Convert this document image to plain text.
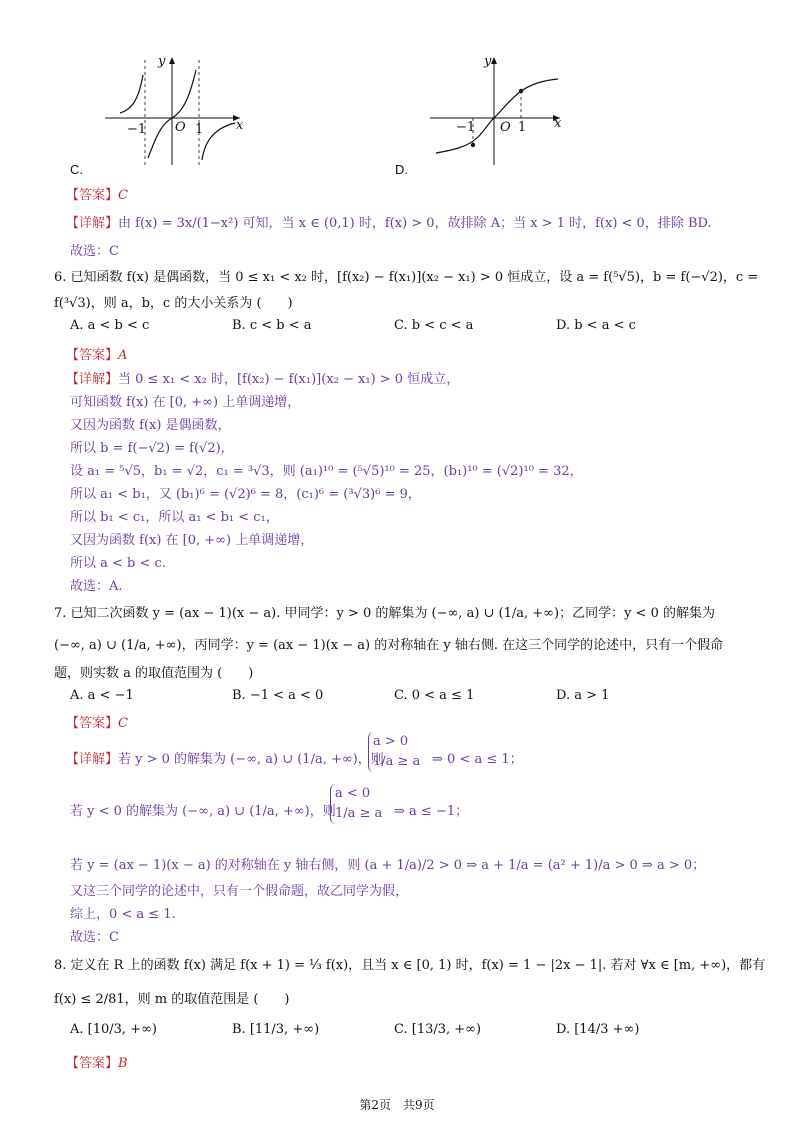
y
x
O
−1	1
C.
y
x
O
−1	1
D.
【答案】C
【详解】由 f(x) = 3x/(1−x²) 可知，当 x ∈ (0,1) 时，f(x) > 0，故排除 A；当 x > 1 时，f(x) < 0，排除 BD.
故选：C
6. 已知函数 f(x) 是偶函数，当 0 ≤ x₁ < x₂ 时，[f(x₂) − f(x₁)](x₂ − x₁) > 0 恒成立，设 a = f(⁵√5)，b = f(−√2)，c =
f(³√3)，则 a，b，c 的大小关系为 (　　)
A. a < b < c	B. c < b < a	C. b < c < a	D. b < a < c
【答案】A
【详解】当 0 ≤ x₁ < x₂ 时，[f(x₂) − f(x₁)](x₂ − x₁) > 0 恒成立，
可知函数 f(x) 在 [0, +∞) 上单调递增，
又因为函数 f(x) 是偶函数，
所以 b = f(−√2) = f(√2)，
设 a₁ = ⁵√5，b₁ = √2，c₁ = ³√3，则 (a₁)¹⁰ = (⁵√5)¹⁰ = 25，(b₁)¹⁰ = (√2)¹⁰ = 32，
所以 a₁ < b₁，又 (b₁)⁶ = (√2)⁶ = 8，(c₁)⁶ = (³√3)⁶ = 9，
所以 b₁ < c₁，所以 a₁ < b₁ < c₁，
又因为函数 f(x) 在 [0, +∞) 上单调递增，
所以 a < b < c.
故选：A.
7. 已知二次函数 y = (ax − 1)(x − a). 甲同学：y > 0 的解集为 (−∞, a) ∪ (1/a, +∞)；乙同学：y < 0 的解集为
(−∞, a) ∪ (1/a, +∞)，丙同学：y = (ax − 1)(x − a) 的对称轴在 y 轴右侧. 在这三个同学的论述中，只有一个假命
题，则实数 a 的取值范围为 (　　)
A. a < −1	B. −1 < a < 0	C. 0 < a ≤ 1	D. a > 1
【答案】C
【详解】若 y > 0 的解集为 (−∞, a) ∪ (1/a, +∞)，则
a > 0
1/a ≥ a ⇒ 0 < a ≤ 1；
若 y < 0 的解集为 (−∞, a) ∪ (1/a, +∞)，则
a < 0
1/a ≥ a ⇒ a ≤ −1；
若 y = (ax − 1)(x − a) 的对称轴在 y 轴右侧，则 (a + 1/a)/2 > 0 ⇒ a + 1/a = (a² + 1)/a > 0 ⇒ a > 0；
又这三个同学的论述中，只有一个假命题，故乙同学为假，
综上，0 < a ≤ 1.
故选：C
8. 定义在 R 上的函数 f(x) 满足 f(x + 1) = ⅓ f(x)，且当 x ∈ [0, 1) 时，f(x) = 1 − |2x − 1|. 若对 ∀x ∈ [m, +∞)，都有
f(x) ≤ 2/81，则 m 的取值范围是 (　　)
A. [10/3, +∞)	B. [11/3, +∞)	C. [13/3, +∞)	D. [14/3 +∞)
【答案】B
第2页　共9页
